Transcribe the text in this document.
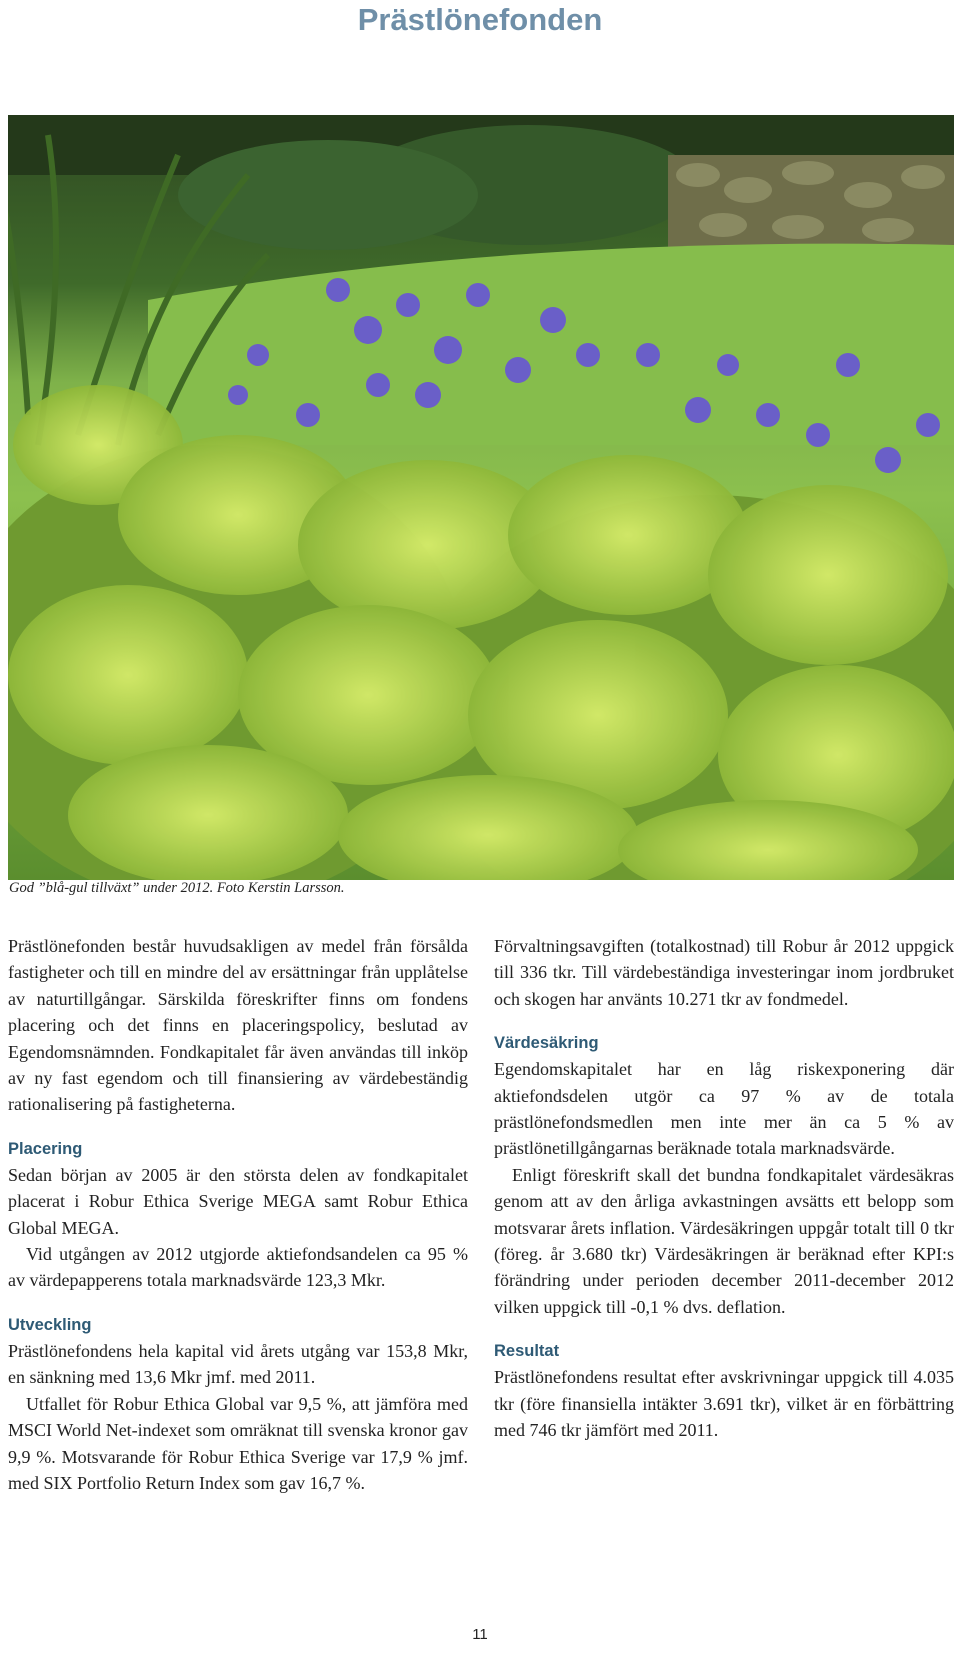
Prästlönefonden
God ”blå-gul tillväxt” under 2012. Foto Kerstin Larsson.

Prästlönefonden består huvudsakligen av medel från försålda fastigheter och till en mindre del av ersättningar från upplåtelse av naturtillgångar. Särskilda föreskrifter finns om fondens placering och det finns en placeringspolicy, beslutad av Egendomsnämnden. Fondkapitalet får även användas till inköp av ny fast egendom och till finansiering av värdebeständig rationalisering på fastigheterna.

Placering

Sedan början av 2005 är den största delen av fondkapitalet placerat i Robur Ethica Sverige MEGA samt Robur Ethica Global MEGA.

Vid utgången av 2012 utgjorde aktiefondsandelen ca 95 % av värdepapperens totala marknadsvärde 123,3 Mkr.

Utveckling

Prästlönefondens hela kapital vid årets utgång var 153,8 Mkr, en sänkning med 13,6 Mkr jmf. med 2011.

Utfallet för Robur Ethica Global var 9,5 %, att jämföra med MSCI World Net-indexet som omräknat till svenska kronor gav 9,9 %. Motsvarande för Robur Ethica Sverige var 17,9 % jmf. med SIX Portfolio Return Index som gav 16,7 %.

Förvaltningsavgiften (totalkostnad) till Robur år 2012 uppgick till 336 tkr. Till värdebeständiga investeringar inom jordbruket och skogen har använts 10.271 tkr av fondmedel.

Värdesäkring

Egendomskapitalet har en låg riskexponering där aktiefondsdelen utgör ca 97 % av de totala prästlönefondsmedlen men inte mer än ca 5 % av prästlönetillgångarnas beräknade totala marknadsvärde.

Enligt föreskrift skall det bundna fondkapitalet värdesäkras genom att av den årliga avkastningen avsätts ett belopp som motsvarar årets inflation. Värdesäkringen uppgår totalt till 0 tkr (föreg. år 3.680 tkr) Värdesäkringen är beräknad efter KPI:s förändring under perioden december 2011-december 2012 vilken uppgick till -0,1 % dvs. deflation.

Resultat

Prästlönefondens resultat efter avskrivningar uppgick till 4.035 tkr (före finansiella intäkter 3.691 tkr), vilket är en förbättring med 746 tkr jämfört med 2011.

11
